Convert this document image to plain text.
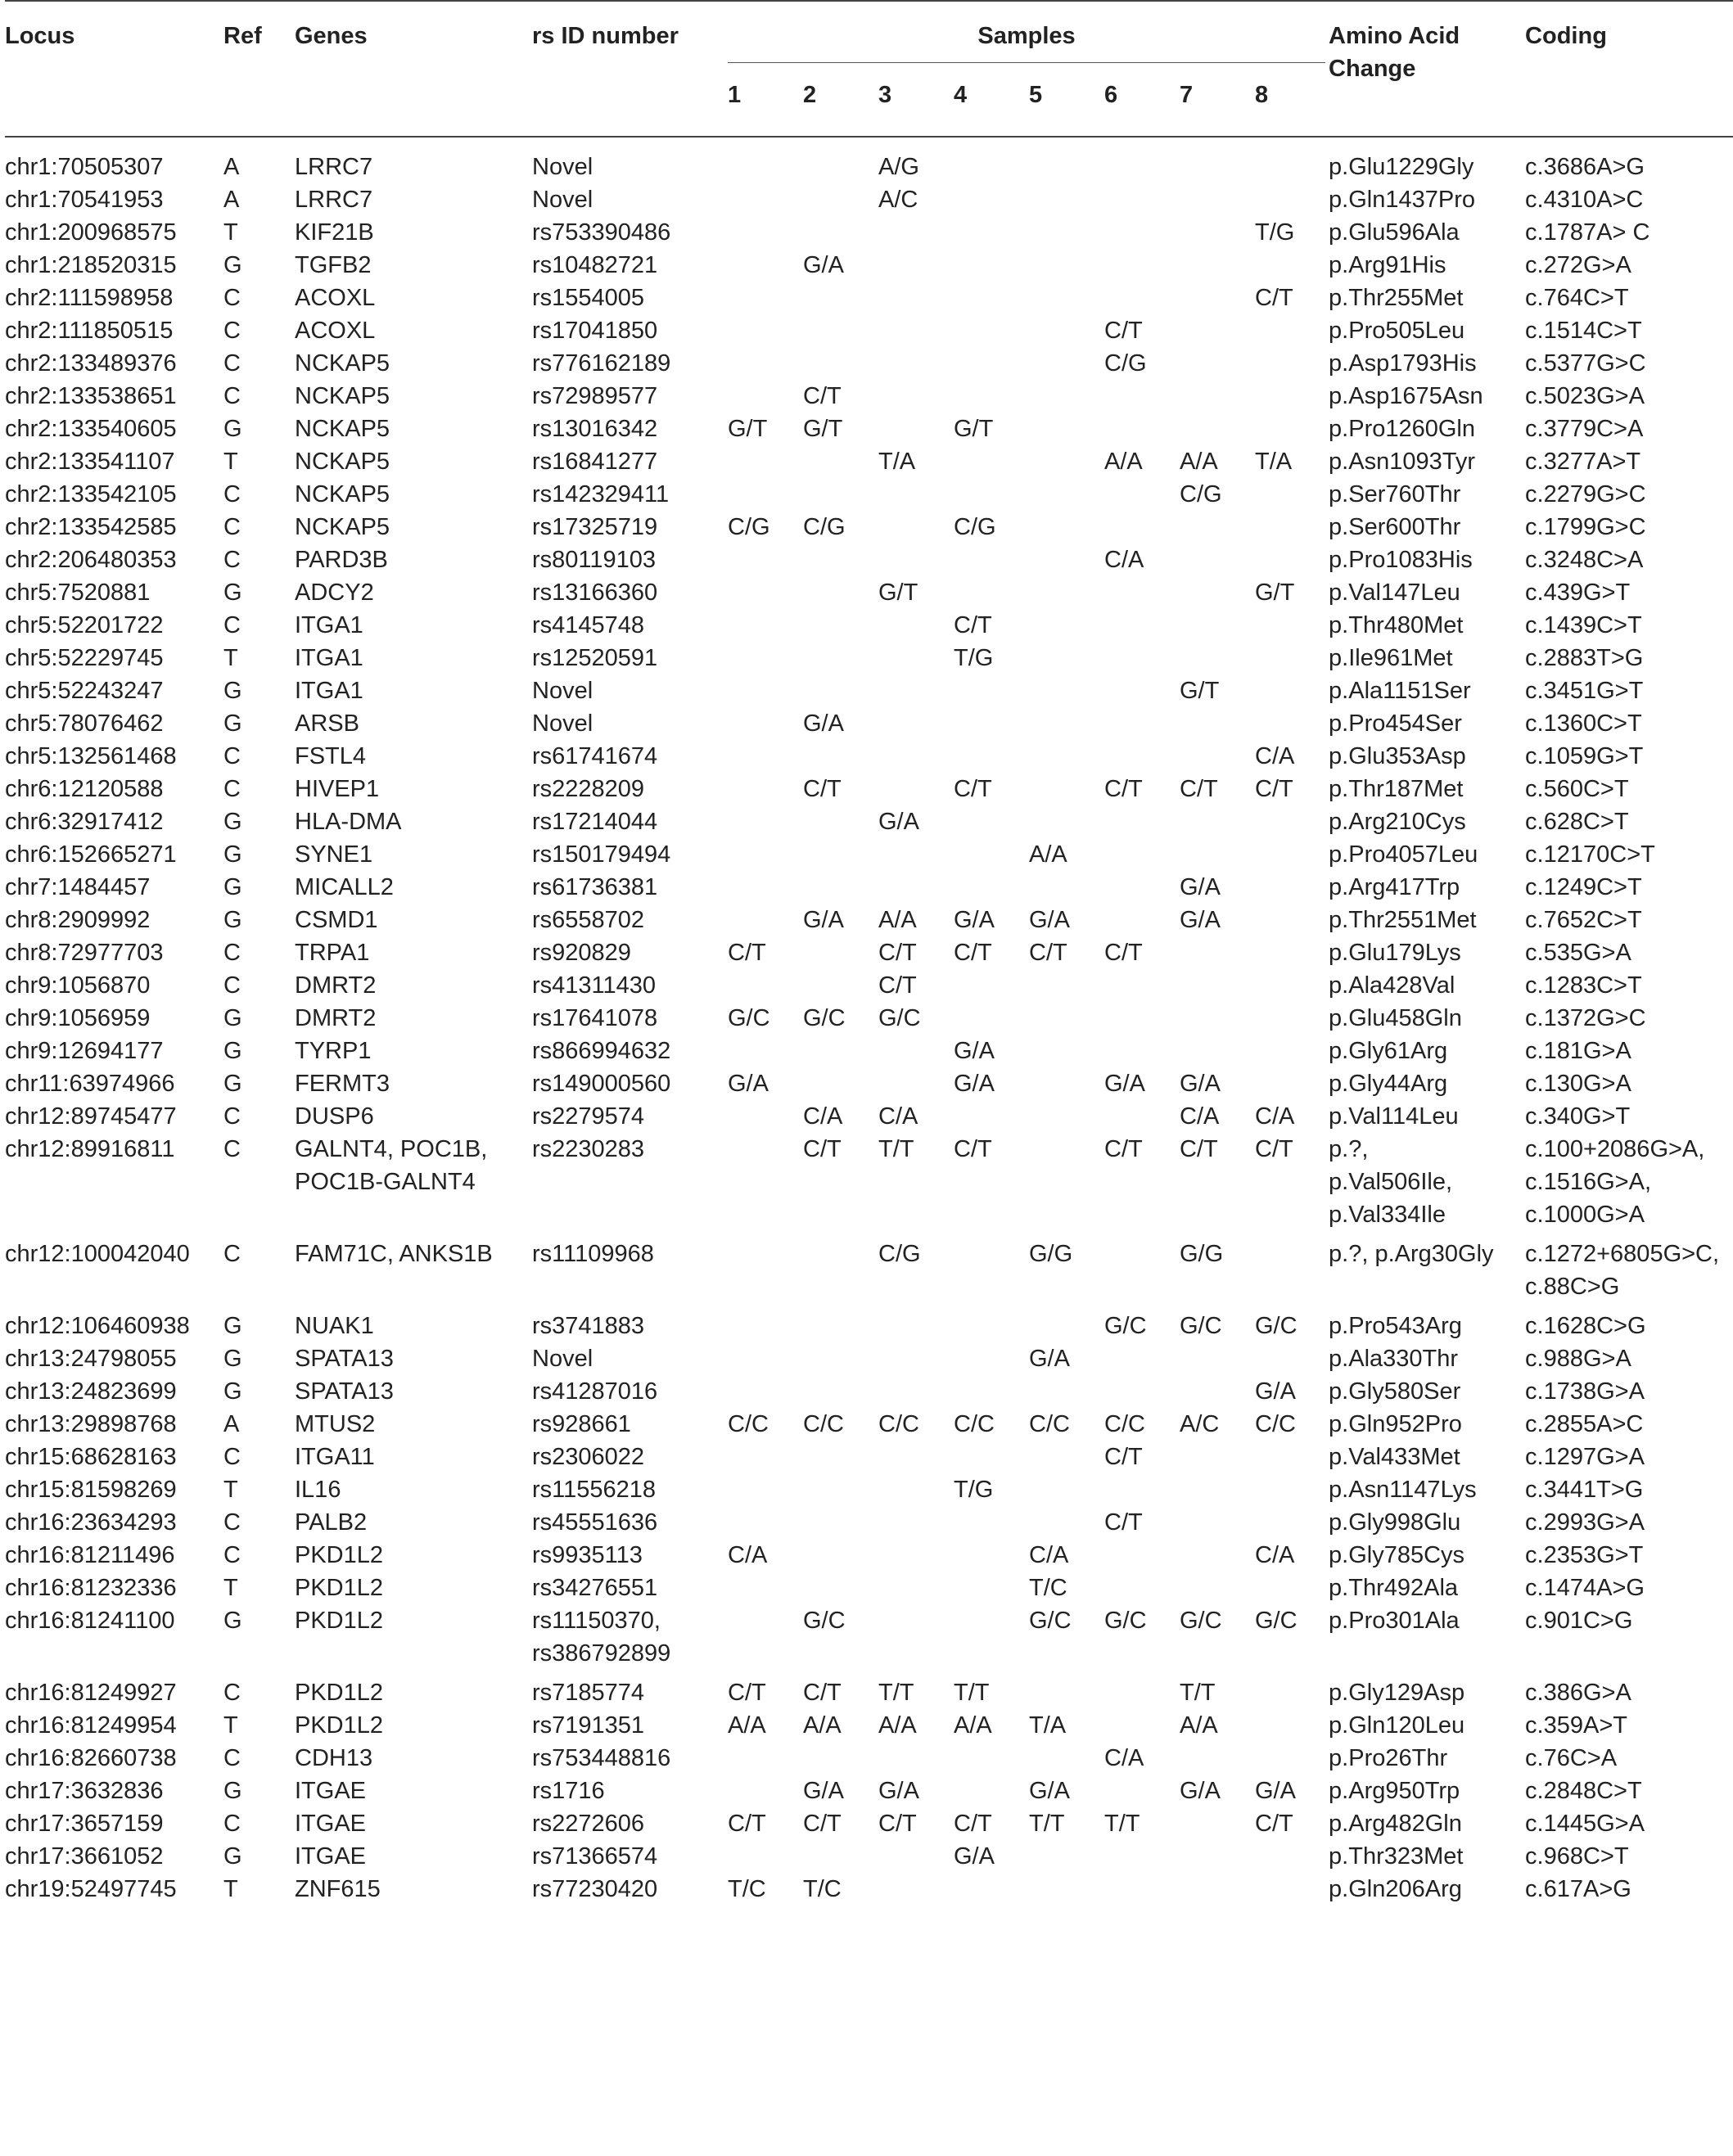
Locus	Ref	Genes	rs ID number	Samples								Amino Acid
Change	Coding
				1	2	3	4	5	6	7	8		
chr1:70505307	A	LRRC7	Novel			A/G						p.Glu1229Gly	c.3686A>G
chr1:70541953	A	LRRC7	Novel			A/C						p.Gln1437Pro	c.4310A>C
chr1:200968575	T	KIF21B	rs753390486								T/G	p.Glu596Ala	c.1787A> C
chr1:218520315	G	TGFB2	rs10482721		G/A							p.Arg91His	c.272G>A
chr2:111598958	C	ACOXL	rs1554005								C/T	p.Thr255Met	c.764C>T
chr2:111850515	C	ACOXL	rs17041850						C/T			p.Pro505Leu	c.1514C>T
chr2:133489376	C	NCKAP5	rs776162189						C/G			p.Asp1793His	c.5377G>C
chr2:133538651	C	NCKAP5	rs72989577		C/T							p.Asp1675Asn	c.5023G>A
chr2:133540605	G	NCKAP5	rs13016342	G/T	G/T		G/T					p.Pro1260Gln	c.3779C>A
chr2:133541107	T	NCKAP5	rs16841277			T/A			A/A	A/A	T/A	p.Asn1093Tyr	c.3277A>T
chr2:133542105	C	NCKAP5	rs142329411							C/G		p.Ser760Thr	c.2279G>C
chr2:133542585	C	NCKAP5	rs17325719	C/G	C/G		C/G					p.Ser600Thr	c.1799G>C
chr2:206480353	C	PARD3B	rs80119103						C/A			p.Pro1083His	c.3248C>A
chr5:7520881	G	ADCY2	rs13166360			G/T					G/T	p.Val147Leu	c.439G>T
chr5:52201722	C	ITGA1	rs4145748				C/T					p.Thr480Met	c.1439C>T
chr5:52229745	T	ITGA1	rs12520591				T/G					p.Ile961Met	c.2883T>G
chr5:52243247	G	ITGA1	Novel							G/T		p.Ala1151Ser	c.3451G>T
chr5:78076462	G	ARSB	Novel		G/A							p.Pro454Ser	c.1360C>T
chr5:132561468	C	FSTL4	rs61741674								C/A	p.Glu353Asp	c.1059G>T
chr6:12120588	C	HIVEP1	rs2228209		C/T		C/T		C/T	C/T	C/T	p.Thr187Met	c.560C>T
chr6:32917412	G	HLA-DMA	rs17214044			G/A						p.Arg210Cys	c.628C>T
chr6:152665271	G	SYNE1	rs150179494					A/A				p.Pro4057Leu	c.12170C>T
chr7:1484457	G	MICALL2	rs61736381							G/A		p.Arg417Trp	c.1249C>T
chr8:2909992	G	CSMD1	rs6558702		G/A	A/A	G/A	G/A		G/A		p.Thr2551Met	c.7652C>T
chr8:72977703	C	TRPA1	rs920829	C/T		C/T	C/T	C/T	C/T			p.Glu179Lys	c.535G>A
chr9:1056870	C	DMRT2	rs41311430			C/T						p.Ala428Val	c.1283C>T
chr9:1056959	G	DMRT2	rs17641078	G/C	G/C	G/C						p.Glu458Gln	c.1372G>C
chr9:12694177	G	TYRP1	rs866994632				G/A					p.Gly61Arg	c.181G>A
chr11:63974966	G	FERMT3	rs149000560	G/A			G/A		G/A	G/A		p.Gly44Arg	c.130G>A
chr12:89745477	C	DUSP6	rs2279574		C/A	C/A				C/A	C/A	p.Val114Leu	c.340G>T
chr12:89916811	C	GALNT4, POC1B,
POC1B-GALNT4	rs2230283		C/T	T/T	C/T		C/T	C/T	C/T	p.?,
p.Val506Ile,
p.Val334Ile	c.100+2086G>A,
c.1516G>A,
c.1000G>A
chr12:100042040	C	FAM71C, ANKS1B	rs11109968			C/G		G/G		G/G		p.?, p.Arg30Gly	c.1272+6805G>C,
c.88C>G
chr12:106460938	G	NUAK1	rs3741883						G/C	G/C	G/C	p.Pro543Arg	c.1628C>G
chr13:24798055	G	SPATA13	Novel					G/A				p.Ala330Thr	c.988G>A
chr13:24823699	G	SPATA13	rs41287016								G/A	p.Gly580Ser	c.1738G>A
chr13:29898768	A	MTUS2	rs928661	C/C	C/C	C/C	C/C	C/C	C/C	A/C	C/C	p.Gln952Pro	c.2855A>C
chr15:68628163	C	ITGA11	rs2306022						C/T			p.Val433Met	c.1297G>A
chr15:81598269	T	IL16	rs11556218				T/G					p.Asn1147Lys	c.3441T>G
chr16:23634293	C	PALB2	rs45551636						C/T			p.Gly998Glu	c.2993G>A
chr16:81211496	C	PKD1L2	rs9935113	C/A				C/A			C/A	p.Gly785Cys	c.2353G>T
chr16:81232336	T	PKD1L2	rs34276551					T/C				p.Thr492Ala	c.1474A>G
chr16:81241100	G	PKD1L2	rs11150370,
rs386792899		G/C			G/C	G/C	G/C	G/C	p.Pro301Ala	c.901C>G
chr16:81249927	C	PKD1L2	rs7185774	C/T	C/T	T/T	T/T			T/T		p.Gly129Asp	c.386G>A
chr16:81249954	T	PKD1L2	rs7191351	A/A	A/A	A/A	A/A	T/A		A/A		p.Gln120Leu	c.359A>T
chr16:82660738	C	CDH13	rs753448816						C/A			p.Pro26Thr	c.76C>A
chr17:3632836	G	ITGAE	rs1716		G/A	G/A		G/A		G/A	G/A	p.Arg950Trp	c.2848C>T
chr17:3657159	C	ITGAE	rs2272606	C/T	C/T	C/T	C/T	T/T	T/T		C/T	p.Arg482Gln	c.1445G>A
chr17:3661052	G	ITGAE	rs71366574				G/A					p.Thr323Met	c.968C>T
chr19:52497745	T	ZNF615	rs77230420	T/C	T/C							p.Gln206Arg	c.617A>G
